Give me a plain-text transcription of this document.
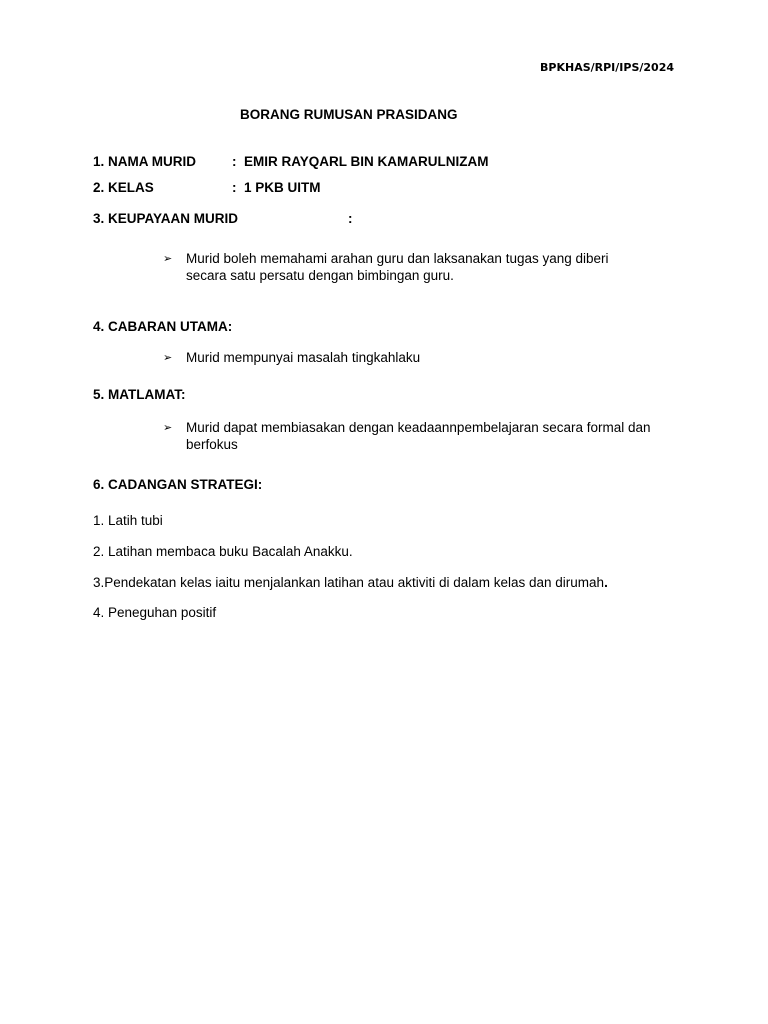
BPKHAS/RPI/IPS/2024
BORANG RUMUSAN PRASIDANG
1. NAMA MURID	: EMIR RAYQARL BIN KAMARULNIZAM
2. KELAS	: 1 PKB UITM
3. KEUPAYAAN MURID	:
➢ Murid boleh memahami arahan guru dan laksanakan tugas yang diberi
secara satu persatu dengan bimbingan guru.
4. CABARAN UTAMA:
➢ Murid mempunyai masalah tingkahlaku
5. MATLAMAT:
➢ Murid dapat membiasakan dengan keadaannpembelajaran secara formal dan
berfokus
6. CADANGAN STRATEGI:
1. Latih tubi
2. Latihan membaca buku Bacalah Anakku.
3.Pendekatan kelas iaitu menjalankan latihan atau aktiviti di dalam kelas dan dirumah.
4. Peneguhan positif
